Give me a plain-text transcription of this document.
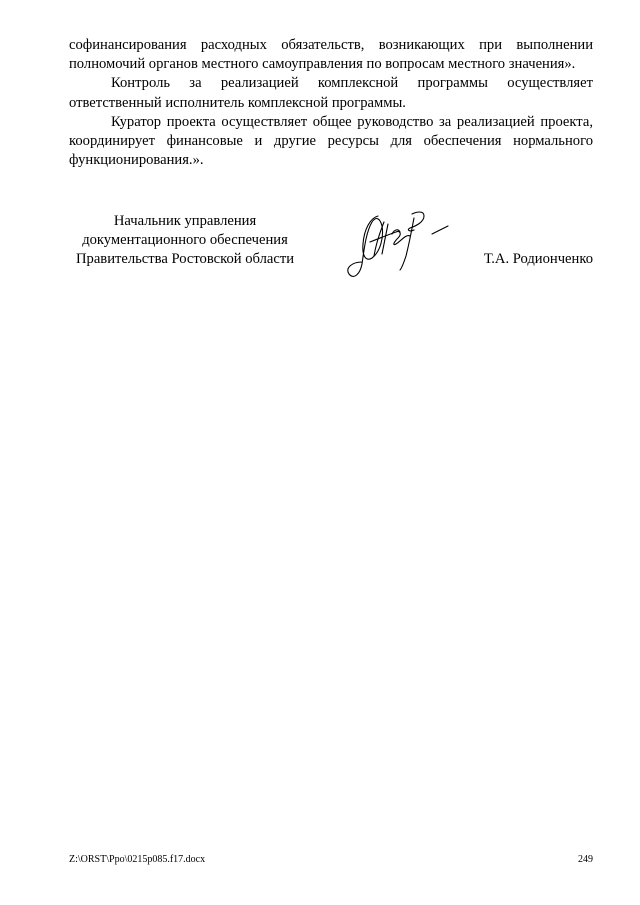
софинансирования расходных обязательств, возникающих при выполнении полномочий органов местного самоуправления по вопросам местного значения».

Контроль за реализацией комплексной программы осуществляет ответственный исполнитель комплексной программы.

Куратор проекта осуществляет общее руководство за реализацией проекта, координирует финансовые и другие ресурсы для обеспечения нормального функционирования.».

Начальник управления
документационного обеспечения
Правительства Ростовской области	Т.А. Родионченко
Z:\ORST\Ppo\0215p085.f17.docx	249
